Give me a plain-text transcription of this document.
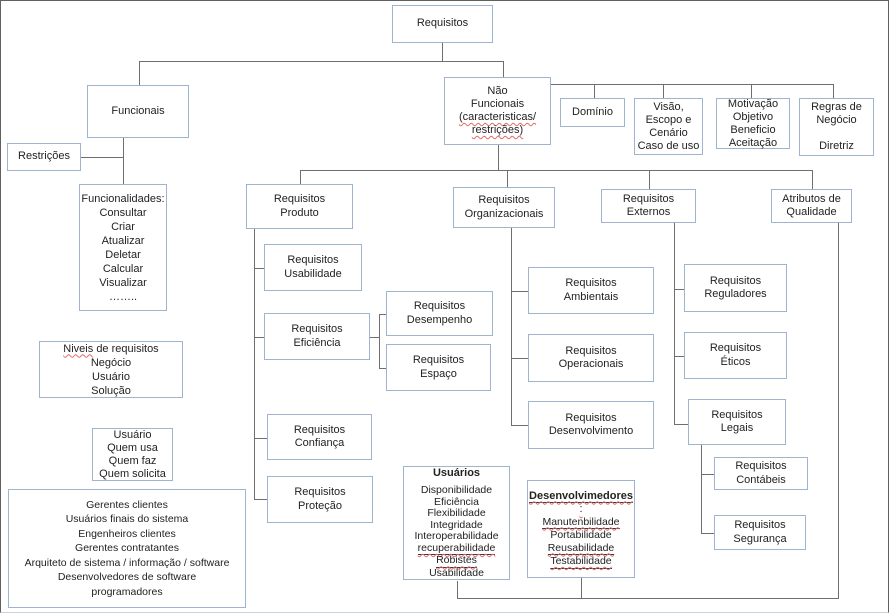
Requisitos
Funcionais
Restrições
Não
Funcionais
(caracteristicas/
restrições)
Domínio	Visão,
Escopo e
Cenário
Caso de uso
Motivação
Objetivo
Beneficio
Aceitação
Regras de
Negócio

Diretriz
Funcionalidades:
Consultar
Criar
Atualizar
Deletar
Calcular
Visualizar
……..
Niveis de requisitos
Negócio
Usuário
Solução
Usuário
Quem usa
Quem faz
Quem solicita
Gerentes clientes
Usuários finais do sistema
Engenheiros clientes
Gerentes contratantes
Arquiteto de sistema / informação / software
Desenvolvedores de software
programadores
Requisitos
Produto
Requisitos
Usabilidade
Requisitos
Eficiência
Requisitos
Desempenho
Requisitos
Espaço
Requisitos
Confiança
Requisitos
Proteção
Usuários
Disponibilidade
Eficiência
Flexibilidade
Integridade
Interoperabilidade
recuperabilidade
Robistes
Usabilidade
Requisitos
Organizacionais
Requisitos
Ambientais
Requisitos
Operacionais
Requisitos
Desenvolvimento
Requisitos
Externos
Requisitos
Reguladores
Requisitos
Éticos
Requisitos
Legais
Requisitos
Contábeis
Requisitos
Segurança
Atributos de
Qualidade
Desenvolvimedores
:
Manutenbilidade
Portabilidade
Reusabilidade
Testabilidade
